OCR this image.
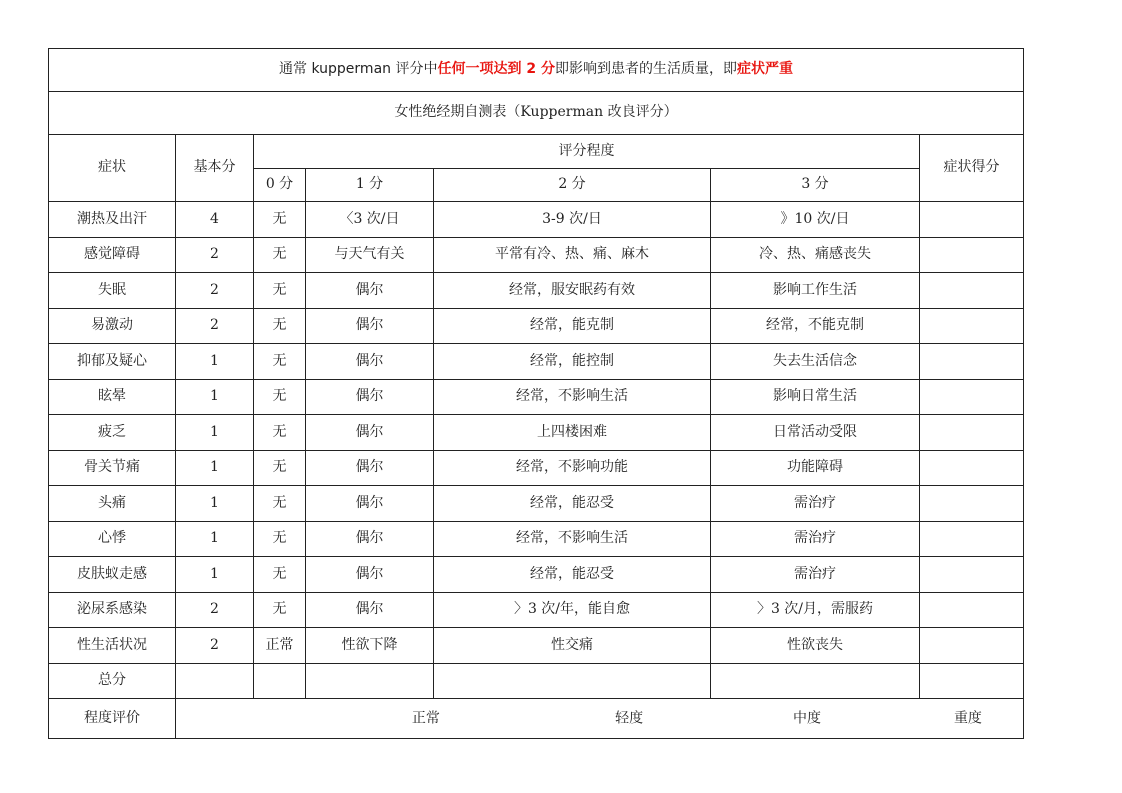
通常 kupperman 评分中任何一项达到 2 分即影响到患者的生活质量，即症状严重						
女性绝经期自测表（Kupperman 改良评分）						
症状	基本分	评分程度				症状得分
		0 分	1 分	2 分	3 分	
潮热及出汗	4	无	〈3 次/日	3-9 次/日	》10 次/日	
感觉障碍	2	无	与天气有关	平常有冷、热、痛、麻木	冷、热、痛感丧失	
失眠	2	无	偶尔	经常，服安眠药有效	影响工作生活	
易激动	2	无	偶尔	经常，能克制	经常，不能克制	
抑郁及疑心	1	无	偶尔	经常，能控制	失去生活信念	
眩晕	1	无	偶尔	经常，不影响生活	影响日常生活	
疲乏	1	无	偶尔	上四楼困难	日常活动受限	
骨关节痛	1	无	偶尔	经常，不影响功能	功能障碍	
头痛	1	无	偶尔	经常，能忍受	需治疗	
心悸	1	无	偶尔	经常，不影响生活	需治疗	
皮肤蚁走感	1	无	偶尔	经常，能忍受	需治疗	
泌尿系感染	2	无	偶尔	〉3 次/年，能自愈	〉3 次/月，需服药	
性生活状况	2	正常	性欲下降	性交痛	性欲丧失	
总分						
程度评价	正常 轻度 中度 重度					
